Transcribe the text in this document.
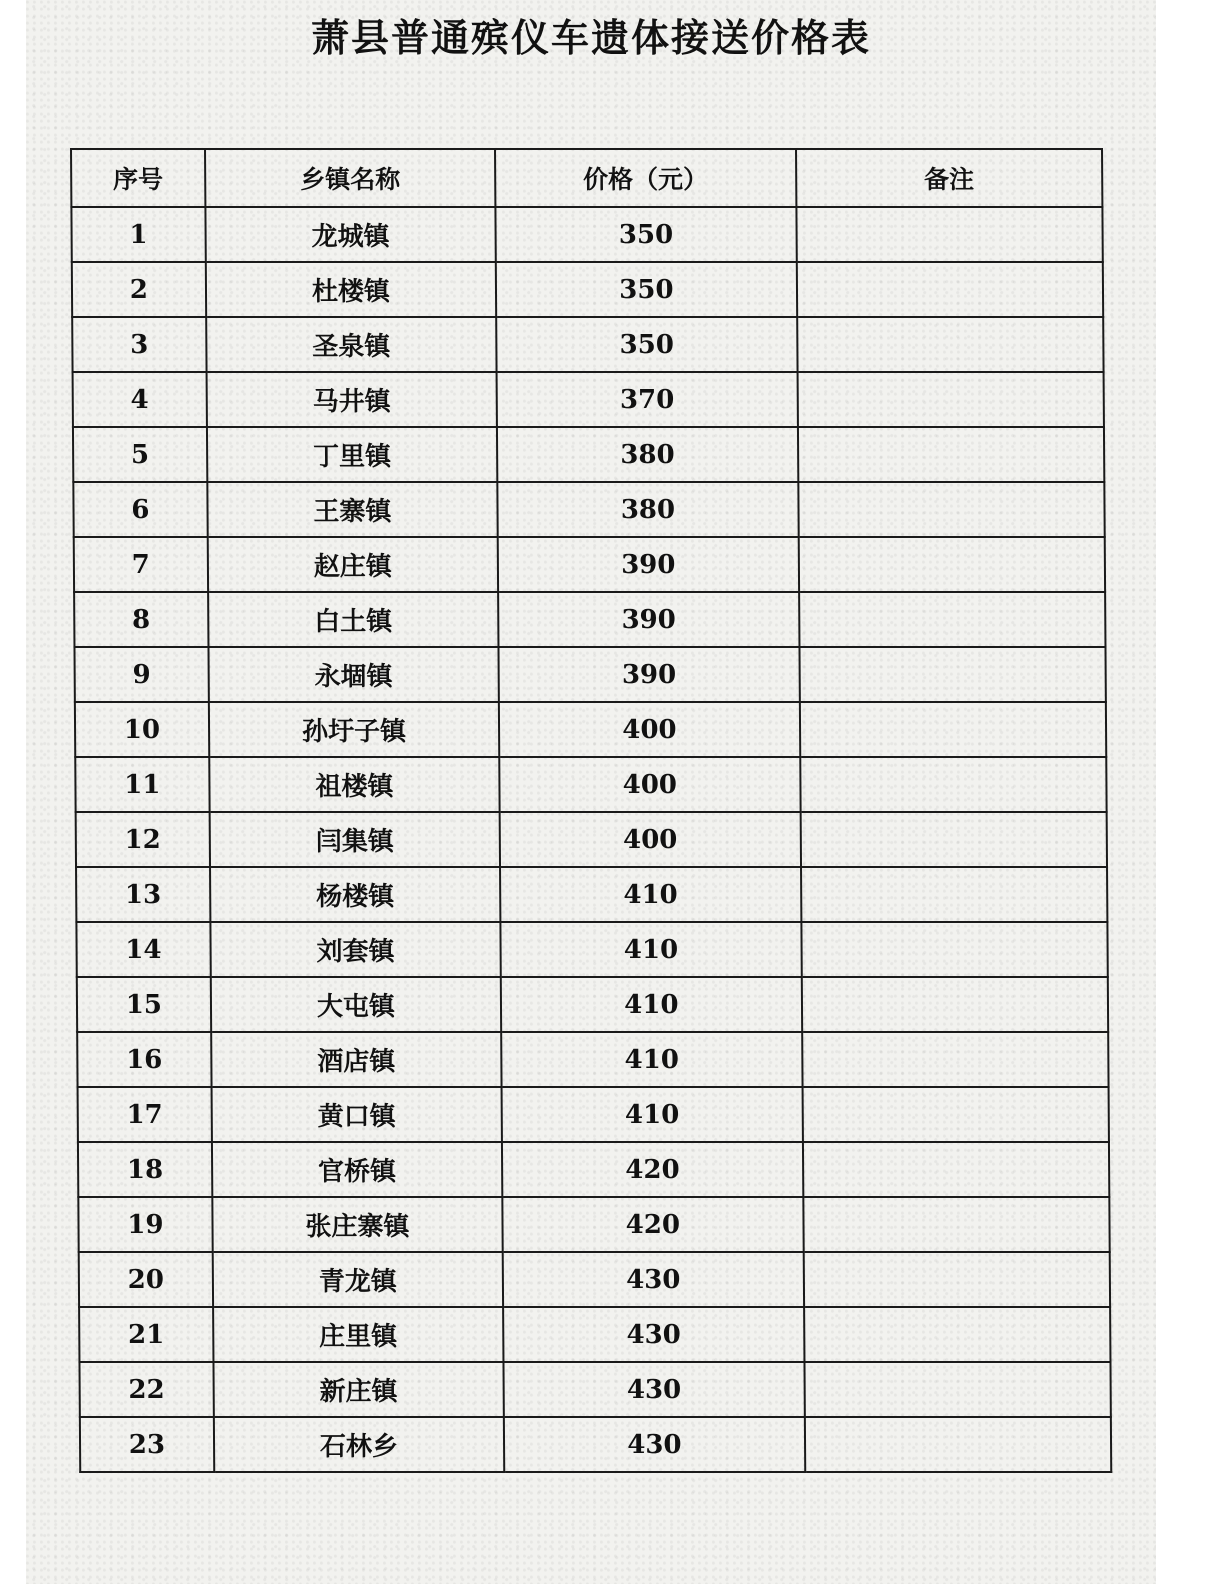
萧县普通殡仪车遗体接送价格表
序号	乡镇名称	价格（元）	备注
1	龙城镇	350	
2	杜楼镇	350	
3	圣泉镇	350	
4	马井镇	370	
5	丁里镇	380	
6	王寨镇	380	
7	赵庄镇	390	
8	白土镇	390	
9	永堌镇	390	
10	孙圩子镇	400	
11	祖楼镇	400	
12	闫集镇	400	
13	杨楼镇	410	
14	刘套镇	410	
15	大屯镇	410	
16	酒店镇	410	
17	黄口镇	410	
18	官桥镇	420	
19	张庄寨镇	420	
20	青龙镇	430	
21	庄里镇	430	
22	新庄镇	430	
23	石林乡	430	
